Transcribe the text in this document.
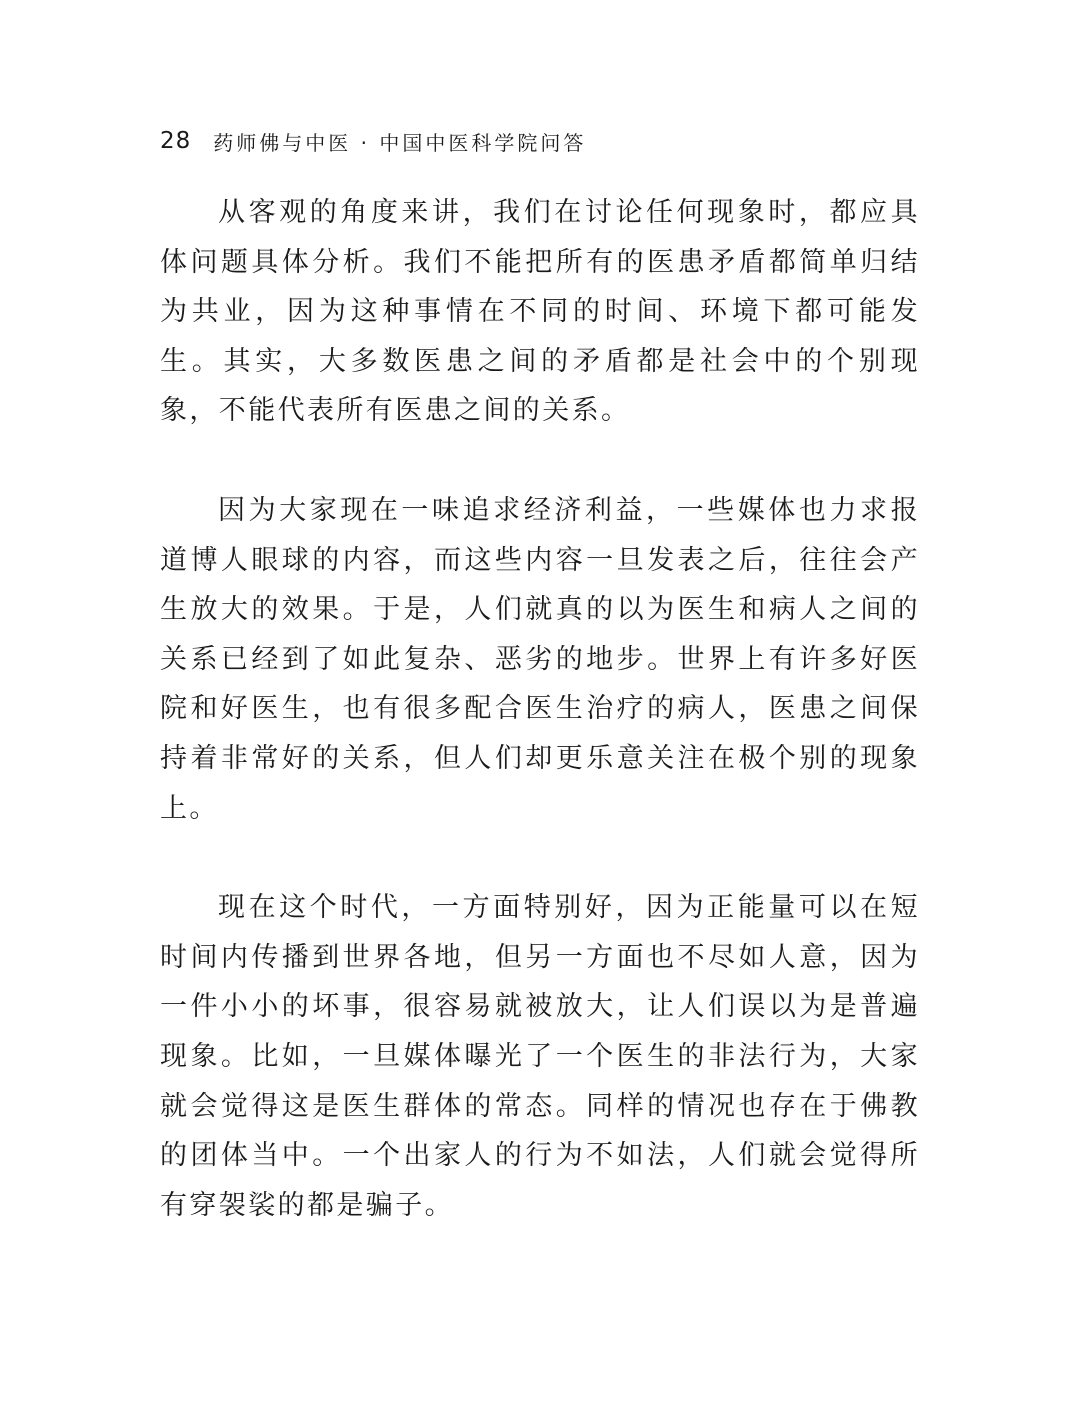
28 药师佛与中医 · 中国中医科学院问答

从客观的角度来讲，我们在讨论任何现象时，都应具体问题具体分析。我们不能把所有的医患矛盾都简单归结为共业，因为这种事情在不同的时间、环境下都可能发生。其实，大多数医患之间的矛盾都是社会中的个别现象，不能代表所有医患之间的关系。

因为大家现在一味追求经济利益，一些媒体也力求报道博人眼球的内容，而这些内容一旦发表之后，往往会产生放大的效果。于是，人们就真的以为医生和病人之间的关系已经到了如此复杂、恶劣的地步。世界上有许多好医院和好医生，也有很多配合医生治疗的病人，医患之间保持着非常好的关系，但人们却更乐意关注在极个别的现象上。

现在这个时代，一方面特别好，因为正能量可以在短时间内传播到世界各地，但另一方面也不尽如人意，因为一件小小的坏事，很容易就被放大，让人们误以为是普遍现象。比如，一旦媒体曝光了一个医生的非法行为，大家就会觉得这是医生群体的常态。同样的情况也存在于佛教的团体当中。一个出家人的行为不如法，人们就会觉得所有穿袈裟的都是骗子。
